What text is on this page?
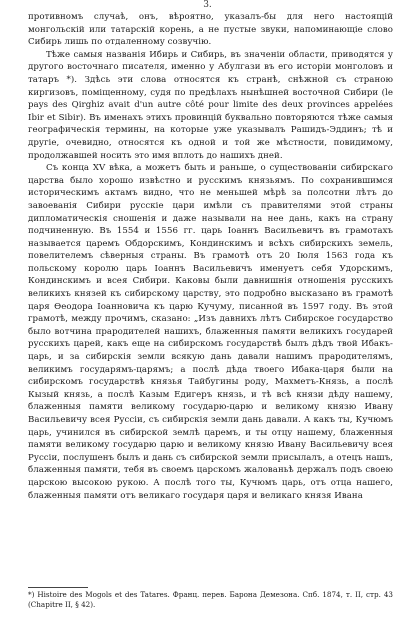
3.

противномъ случаѣ, онъ, вѣроятно, указалъ-бы для него настоящій монгольскій или татарскій корень, а не пустые звуки, напоминающіе слово Сибирь лишь по отдаленному созвучію.

Тѣже самыя названія Ибирь и Сибирь, въ значеніи области, приводятся у другого восточнаго писателя, именно у Абулгази въ его исторіи монголовъ и татаръ *). Здѣсь эти слова относятся къ странѣ, снѣжной съ страною киргизовъ, поміщенному, судя по предѣлахъ нынѣшней восточной Сибири (le pays des Qirghiz avait d'un autre côté pour limite des deux provinces appelées Ibir et Sibir). Въ именахъ этихъ провинцій буквально повторяются тѣже самыя географическія термины, на которые уже указывалъ Рашидъ-Эддинъ; тѣ и другіе, очевидно, относятся къ одной и той же мѣстности, повидимому, продолжавшей носить это имя вплоть до нашихъ дней.

Съ конца XV вѣка, а можетъ быть и раньше, о существованіи сибирскаго царства было хорошо извѣстно и русскимъ князьямъ. По сохранившимся историческимъ актамъ видно, что не меньшей мѣрѣ за полсотни лѣтъ до завоеванія Сибири русскіе цари имѣли съ правителями этой страны дипломатическія сношенія и даже называли на нее дань, какъ на страну подчиненную. Въ 1554 и 1556 гг. царь Іоаннъ Васильевичъ въ грамотахъ называется царемъ Обдорскимъ, Кондинскимъ и всѣхъ сибирскихъ земель, повелителемъ сѣверныя страны. Въ грамотѣ отъ 20 Іюля 1563 года къ польскому королю царь Іоаннъ Васильевичъ именуетъ себя Удорскимъ, Кондинскимъ и всея Сибири. Каковы были давнишнія отношенія русскихъ великихъ князей къ сибирскому царству, это подробно высказано въ грамотѣ царя Ѳеодора Іоанновича къ царю Кучуму, писанной въ 1597 году. Въ этой грамотѣ, между прочимъ, сказано: „Изъ давнихъ лѣтъ Сибирское государство было вотчина прародителей нашихъ, блаженныя памяти великихъ государей русскихъ царей, какъ еще на сибирскомъ государствѣ былъ дѣдъ твой Ибакъ-царь, и за сибирскія земли всякую дань давали нашимъ прародителямъ, великимъ государямъ-царямъ; а послѣ дѣда твоего Ибака-царя были на сибирскомъ государствѣ князья Тайбугины роду, Махметъ-Князь, а послѣ Кызый князь, а послѣ Казым Едигеръ князь, и тѣ всѣ князи дѣду нашему, блаженныя памяти великому государю-царю и великому князю Ивану Васильевичу всея Руссіи, съ сибирскія земли дань давали. А какъ ты, Кучюмъ царь, учинился въ сибирской землѣ царемъ, и ты отцу нашему, блаженныя памяти великому государю царю и великому князю Ивану Васильевичу всея Руссіи, послушенъ былъ и дань съ сибирской земли присылалъ, а отецъ нашъ, блаженныя памяти, тебя въ своемъ царскомъ жалованьѣ держалъ подъ своею царскою высокою рукою. А послѣ того ты, Кучюмъ царь, отъ отца нашего, блаженныя памяти отъ великаго государя царя и великаго князя Ивана

*) Histoire des Mogols et des Tatares. Франц. перев. Барона Демезона. Спб. 1874, т. II, стр. 43 (Chapitre II, § 42).
